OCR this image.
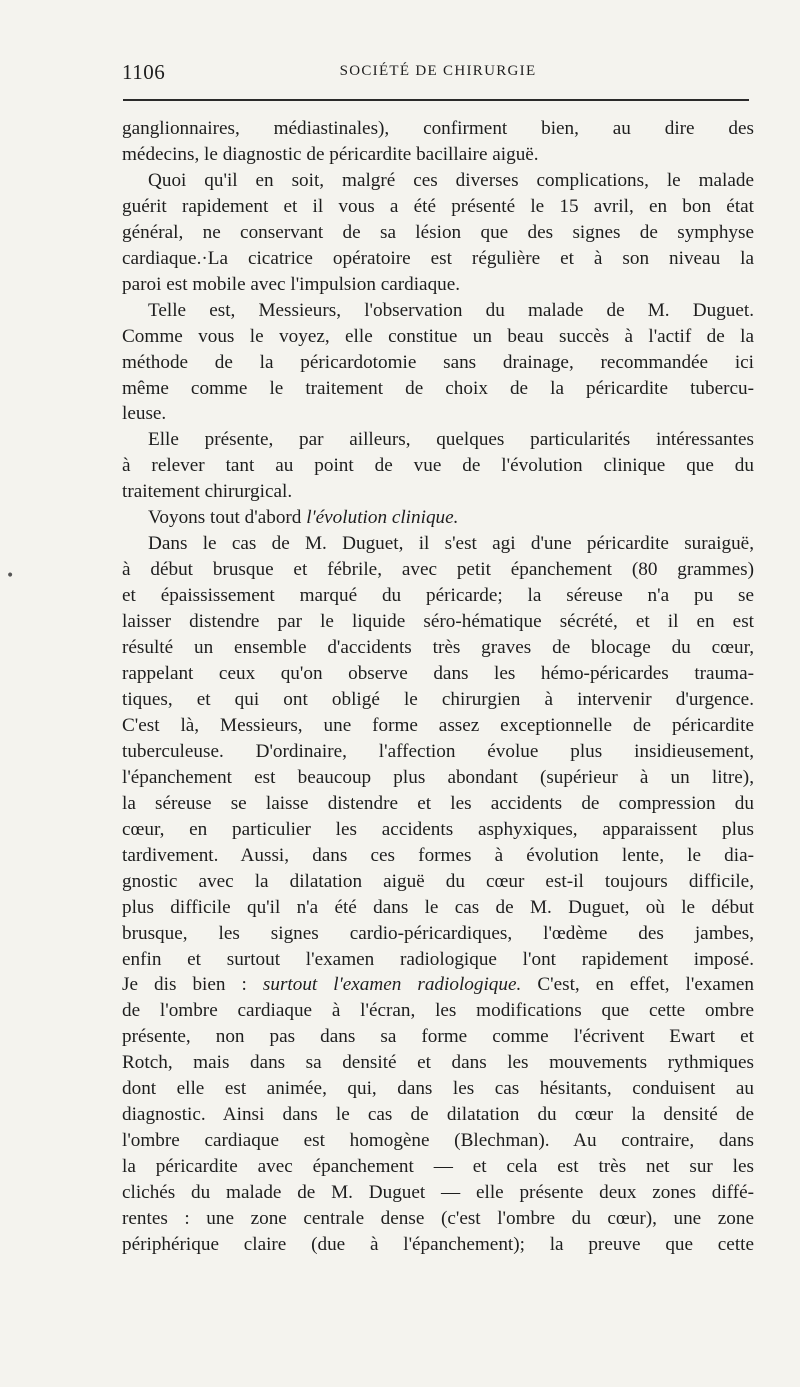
1106	SOCIÉTÉ DE CHIRURGIE
•
ganglionnaires, médiastinales), confirment bien, au dire des
médecins, le diagnostic de péricardite bacillaire aiguë.
Quoi qu'il en soit, malgré ces diverses complications, le malade
guérit rapidement et il vous a été présenté le 15 avril, en bon état
général, ne conservant de sa lésion que des signes de symphyse
cardiaque.·La cicatrice opératoire est régulière et à son niveau la
paroi est mobile avec l'impulsion cardiaque.
Telle est, Messieurs, l'observation du malade de M. Duguet.
Comme vous le voyez, elle constitue un beau succès à l'actif de la
méthode de la péricardotomie sans drainage, recommandée ici
même comme le traitement de choix de la péricardite tubercu-
leuse.
Elle présente, par ailleurs, quelques particularités intéressantes
à relever tant au point de vue de l'évolution clinique que du
traitement chirurgical.
Voyons tout d'abord l'évolution clinique.
Dans le cas de M. Duguet, il s'est agi d'une péricardite suraiguë,
à début brusque et fébrile, avec petit épanchement (80 grammes)
et épaississement marqué du péricarde; la séreuse n'a pu se
laisser distendre par le liquide séro-hématique sécrété, et il en est
résulté un ensemble d'accidents très graves de blocage du cœur,
rappelant ceux qu'on observe dans les hémo-péricardes trauma-
tiques, et qui ont obligé le chirurgien à intervenir d'urgence.
C'est là, Messieurs, une forme assez exceptionnelle de péricardite
tuberculeuse. D'ordinaire, l'affection évolue plus insidieusement,
l'épanchement est beaucoup plus abondant (supérieur à un litre),
la séreuse se laisse distendre et les accidents de compression du
cœur, en particulier les accidents asphyxiques, apparaissent plus
tardivement. Aussi, dans ces formes à évolution lente, le dia-
gnostic avec la dilatation aiguë du cœur est-il toujours difficile,
plus difficile qu'il n'a été dans le cas de M. Duguet, où le début
brusque, les signes cardio-péricardiques, l'œdème des jambes,
enfin et surtout l'examen radiologique l'ont rapidement imposé.
Je dis bien : surtout l'examen radiologique. C'est, en effet, l'examen
de l'ombre cardiaque à l'écran, les modifications que cette ombre
présente, non pas dans sa forme comme l'écrivent Ewart et
Rotch, mais dans sa densité et dans les mouvements rythmiques
dont elle est animée, qui, dans les cas hésitants, conduisent au
diagnostic. Ainsi dans le cas de dilatation du cœur la densité de
l'ombre cardiaque est homogène (Blechman). Au contraire, dans
la péricardite avec épanchement — et cela est très net sur les
clichés du malade de M. Duguet — elle présente deux zones diffé-
rentes : une zone centrale dense (c'est l'ombre du cœur), une zone
périphérique claire (due à l'épanchement); la preuve que cette
